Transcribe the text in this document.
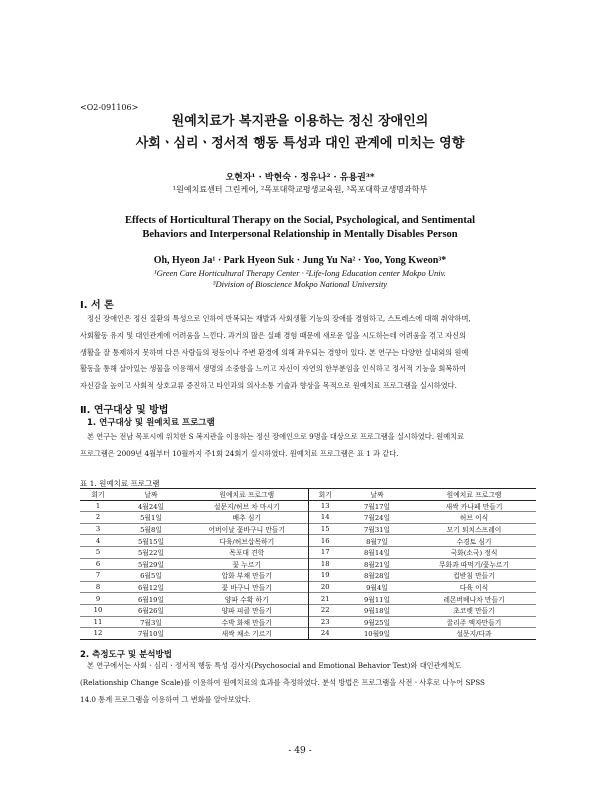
<O2-091106>
원예치료가 복지관을 이용하는 정신 장애인의
사회ㆍ심리ㆍ정서적 행동 특성과 대인 관계에 미치는 영향
오현자¹ · 박현숙 · 정유나² · 유용권³*
¹원예치료센터 그린케어, ²목포대학교평생교육원, ³목포대학교생명과학부
Effects of Horticultural Therapy on the Social, Psychological, and Sentimental
Behaviors and Interpersonal Relationship in Mentally Disables Person
Oh, Hyeon Ja¹ · Park Hyeon Suk · Jung Yu Na² · Yoo, Yong Kweon³*
¹Green Care Horticultural Therapy Center · ²Life-long Education center Mokpo Univ.
³Division of Bioscience Mokpo National University
Ⅰ. 서 론
정신 장애인은 정신 질환의 특성으로 인하여 반복되는 재발과 사회생활 기능의 장애를 경험하고, 스트레스에 대해 취약하며,
사회활동 유지 및 대인관계에 어려움을 느낀다. 과거의 많은 실패 경험 때문에 새로운 일을 시도하는데 어려움을 겪고 자신의
생활을 잘 통제하지 못하며 다른 사람들의 평등이나 주변 환경에 의해 좌우되는 경향이 있다. 본 연구는 다양한 실내외의 원예
활동을 통해 살아있는 생물을 이용해서 생명의 소중함을 느끼고 자신이 자연의 한부분임을 인식하고 정서적 기능을 회복하여
자신감을 높이고 사회적 상호교류 증진하고 타인과의 의사소통 기술과 향상을 목적으로 원예치료 프로그램을 실시하였다.
Ⅱ. 연구대상 및 방법
1. 연구대상 및 원예치료 프로그램
본 연구는 전남 목포시에 위치한 S 복지관을 이용하는 정신 장애인으로 9명을 대상으로 프로그램을 실시하였다. 원예치료
프로그램은 2009년 4월부터 10월까지 주1회 24회기 실시하였다. 원예치료 프로그램은 표 1 과 같다.
표 1. 원예치료 프로그램
회기	날짜	원예치료 프로그램	회기	날짜	원예치료 프로그램
1	4월24일	설문지/허브 차 마시기	13	7월17일	새싹 카나페 만들기
2	5월1일	배추 심기	14	7월24일	허브 이식
3	5월8일	어버이날 꽃바구니 만들기	15	7월31일	모기 퇴치스프레이
4	5월15일	다육/허브삽목하기	16	8월7일	수경토 심기
5	5월22일	목포대 견학	17	8월14일	국화(소국) 정식
6	5월29일	꽃 누르기	18	8월21일	무화과 따먹기/꽃누르기
7	6월5일	압화 부채 만들기	19	8월28일	컵받침 만들기
8	6월12일	꽃 바구니 만들기	20	9월4일	다육 이식
9	6월19일	양파 수확 하기	21	9월11일	레몬버베나차 만들기
10	6월26일	양파 피클 만들기	22	9월18일	초코렛 만들기
11	7월3일	수박 화채 만들기	23	9월25일	꿀리주 액자만들기
12	7월10일	새싹 채소 기르기	24	10월9일	설문지/다과
2. 측정도구 및 분석방법
본 연구에서는 사회ㆍ심리ㆍ정서적 행동 특성 검사지(Psychosocial and Emotional Behavior Test)와 대인관계척도
(Relationship Change Scale)를 이용하여 원예치료의 효과를 측정하였다. 분석 방법은 프로그램을 사전ㆍ사후로 나누어 SPSS
14.0 통계 프로그램을 이용하여 그 변화를 알아보았다.
- 49 -
